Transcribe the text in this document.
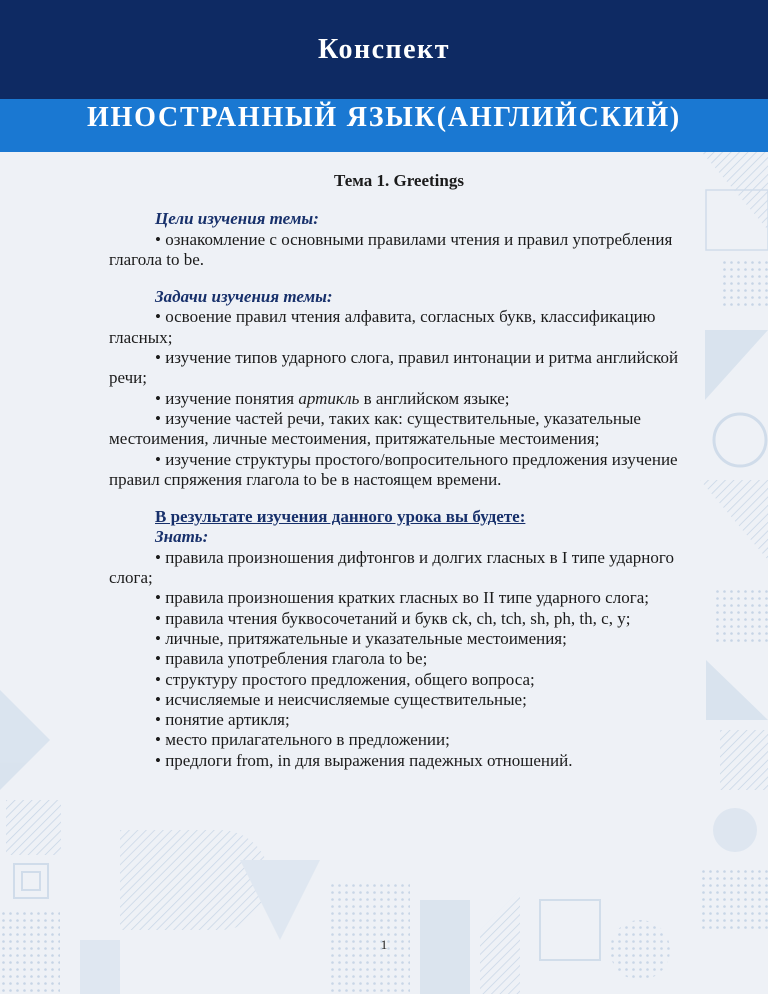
Конспект
ИНОСТРАННЫЙ ЯЗЫК(АНГЛИЙСКИЙ)
Тема 1. Greetings
Цели изучения темы:
• ознакомление с основными правилами чтения и правил употребления глагола to be.
Задачи изучения темы:
• освоение правил чтения алфавита, согласных букв, классификацию гласных;
• изучение типов ударного слога, правил интонации и ритма английской речи;
• изучение понятия артикль в английском языке;
• изучение частей речи, таких как: существительные, указательные местоимения, личные местоимения, притяжательные местоимения;
• изучение структуры простого/вопросительного предложения изучение правил спряжения глагола to be в настоящем времени.
В результате изучения данного урока вы будете:
Знать:
• правила произношения дифтонгов и долгих гласных в I типе ударного слога;
• правила произношения кратких гласных во II типе ударного слога;
• правила чтения буквосочетаний и букв ck, ch, tch, sh, ph, th, c, y;
• личные, притяжательные и указательные местоимения;
• правила употребления глагола to be;
• структуру простого предложения, общего вопроса;
• исчисляемые и неисчисляемые существительные;
• понятие артикля;
• место прилагательного в предложении;
• предлоги from, in для выражения падежных отношений.
1
